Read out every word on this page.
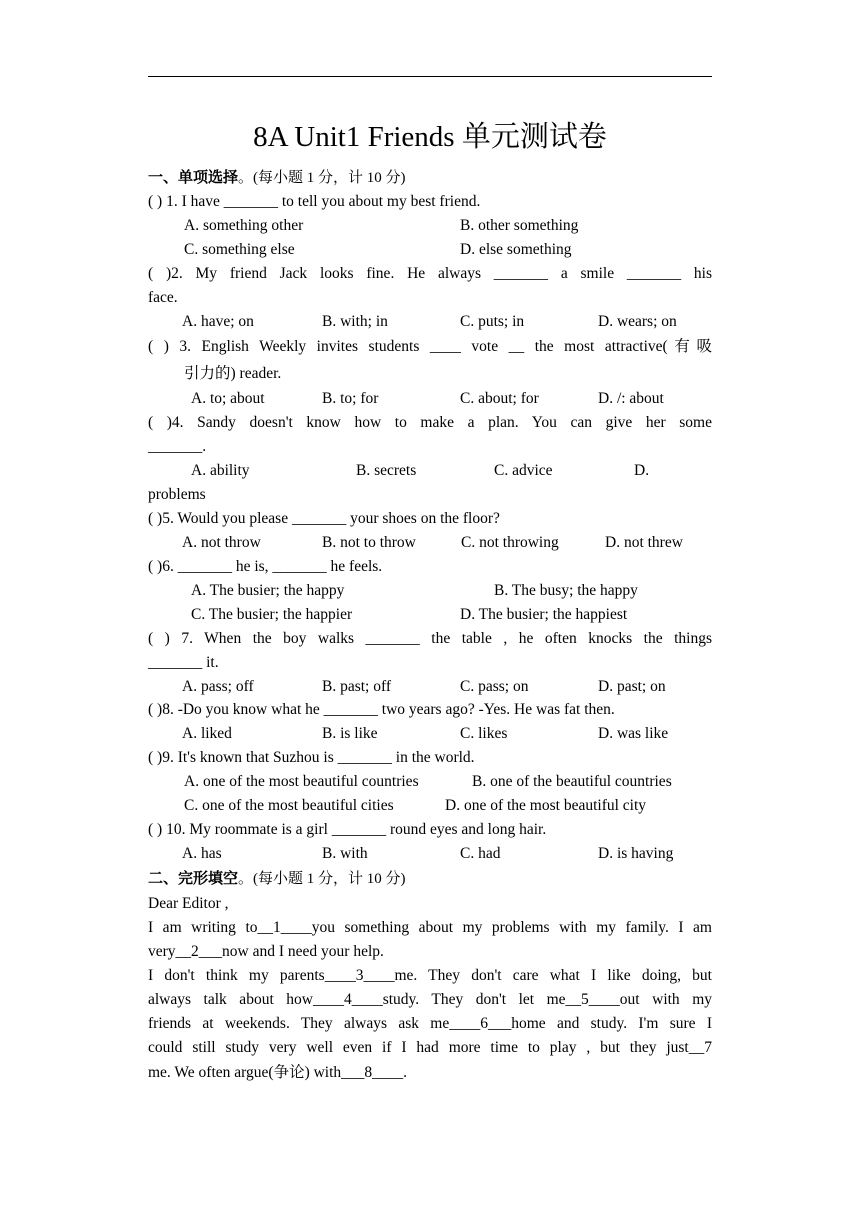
8A Unit1 Friends 单元测试卷
一、单项选择。(每小题 1 分，计 10 分)
( ) 1. I have _______ to tell you about my best friend.
A. something other	B. other something
C. something else	D. else something
( )2. My friend Jack looks fine. He always _______ a smile _______ his
face.
A. have; on	B. with; in	C. puts; in	D. wears; on
( ) 3. English Weekly invites students ____ vote __ the most attractive(有吸
引力的) reader.
A. to; about	B. to; for	C. about; for	D. /: about
( )4. Sandy doesn't know how to make a plan. You can give her some
_______.
A. ability	B. secrets	C. advice	D.
problems
( )5. Would you please _______ your shoes on the floor?
A. not throw	B. not to throw	C. not throwing	D. not threw
( )6. _______ he is, _______ he feels.
A. The busier; the happy	B. The busy; the happy
C. The busier; the happier	D. The busier; the happiest
( ) 7. When the boy walks _______ the table , he often knocks the things
_______ it.
A. pass; off	B. past; off	C. pass; on	D. past; on
( )8. -Do you know what he _______ two years ago? -Yes. He was fat then.
A. liked	B. is like	C. likes	D. was like
( )9. It's known that Suzhou is _______ in the world.
A. one of the most beautiful countries	B. one of the beautiful countries
C. one of the most beautiful cities	D. one of the most beautiful city
( ) 10. My roommate is a girl _______ round eyes and long hair.
A. has	B. with	C. had	D. is having
二、完形填空。(每小题 1 分，计 10 分)
Dear Editor ,
I am writing to__1____you something about my problems with my family. I am
very__2___now and I need your help.
I don't think my parents____3____me. They don't care what I like doing, but
always talk about how____4____study. They don't let me__5____out with my
friends at weekends. They always ask me____6___home and study. I'm sure I
could still study very well even if I had more time to play , but they just__7
me. We often argue(争论) with___8____.
